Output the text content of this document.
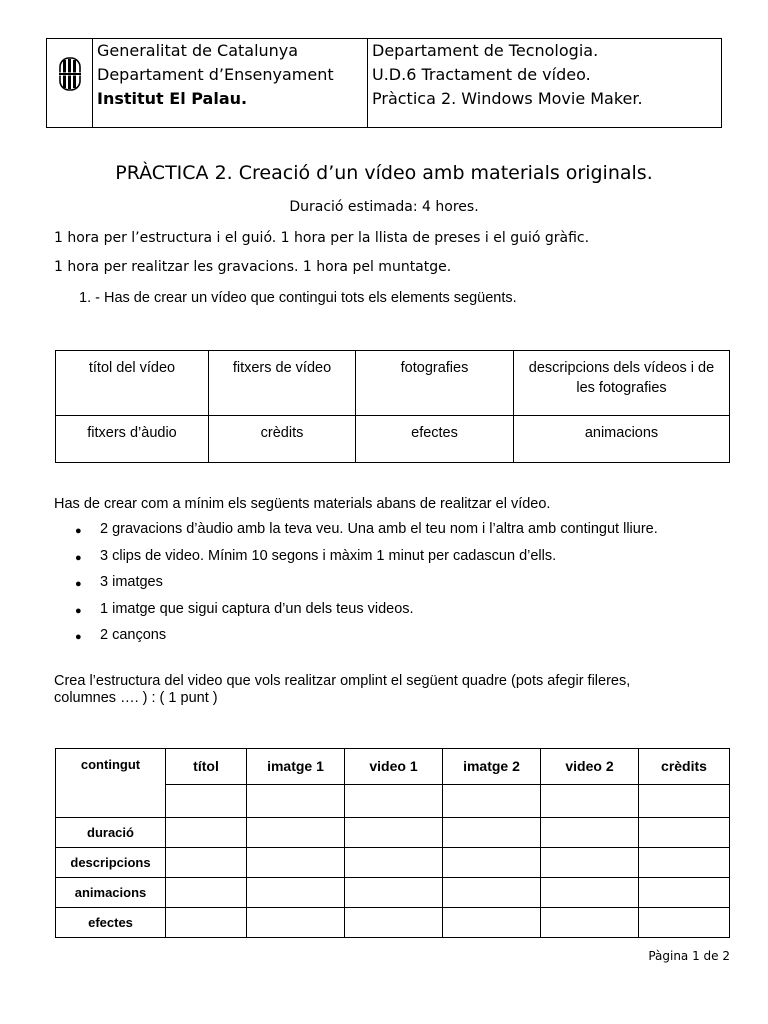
Generalitat de Catalunya
Departament d’Ensenyament
Institut El Palau.
Departament de Tecnologia.
U.D.6 Tractament de vídeo.
Pràctica 2. Windows Movie Maker.
PRÀCTICA 2. Creació d’un vídeo amb materials originals.
Duració estimada: 4 hores.
1 hora per l’estructura i el guió. 1 hora per la llista de preses i el guió gràfic.
1 hora per realitzar les gravacions. 1 hora pel muntatge.
1. - Has de crear un vídeo que contingui tots els elements següents.
títol del vídeo	fitxers de vídeo	fotografies	descripcions dels vídeos i de les fotografies
fitxers d’àudio	crèdits	efectes	animacions
Has de crear com a mínim els següents materials abans de realitzar el vídeo.
● 2 gravacions d’àudio amb la teva veu. Una amb el teu nom i l’altra amb contingut lliure.
● 3 clips de video. Mínim 10 segons i màxim 1 minut per cadascun d’ells.
● 3 imatges
● 1 imatge que sigui captura d’un dels teus videos.
● 2 cançons
Crea l’estructura del video que vols realitzar omplint el següent quadre (pots afegir fileres,
columnes …. ) : ( 1 punt )
contingut	títol	imatge 1	video 1	imatge 2	video 2	crèdits

duració						
descripcions						
animacions						
efectes						
Pàgina 1 de 2
